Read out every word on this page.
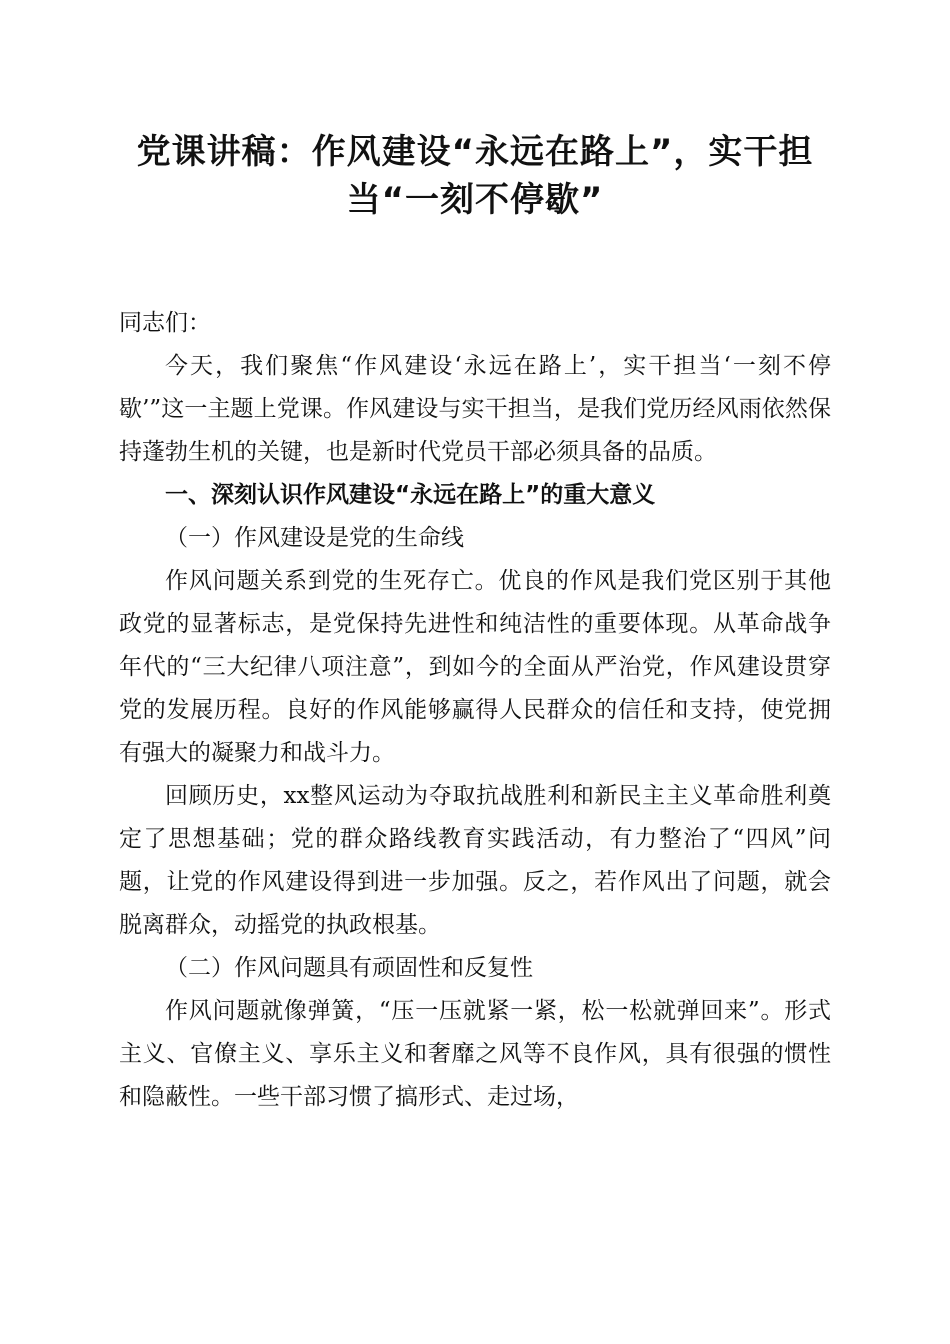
党课讲稿：作风建设“永远在路上”，实干担
当“一刻不停歇”

同志们：

今天，我们聚焦“作风建设‘永远在路上’，实干担当‘一刻不停歇’”这一主题上党课。作风建设与实干担当，是我们党历经风雨依然保持蓬勃生机的关键，也是新时代党员干部必须具备的品质。

一、深刻认识作风建设“永远在路上”的重大意义

（一）作风建设是党的生命线

作风问题关系到党的生死存亡。优良的作风是我们党区别于其他政党的显著标志，是党保持先进性和纯洁性的重要体现。从革命战争年代的“三大纪律八项注意”，到如今的全面从严治党，作风建设贯穿党的发展历程。良好的作风能够赢得人民群众的信任和支持，使党拥有强大的凝聚力和战斗力。

回顾历史，xx整风运动为夺取抗战胜利和新民主主义革命胜利奠定了思想基础；党的群众路线教育实践活动，有力整治了“四风”问题，让党的作风建设得到进一步加强。反之，若作风出了问题，就会脱离群众，动摇党的执政根基。

（二）作风问题具有顽固性和反复性

作风问题就像弹簧，“压一压就紧一紧，松一松就弹回来”。形式主义、官僚主义、享乐主义和奢靡之风等不良作风，具有很强的惯性和隐蔽性。一些干部习惯了搞形式、走过场，
